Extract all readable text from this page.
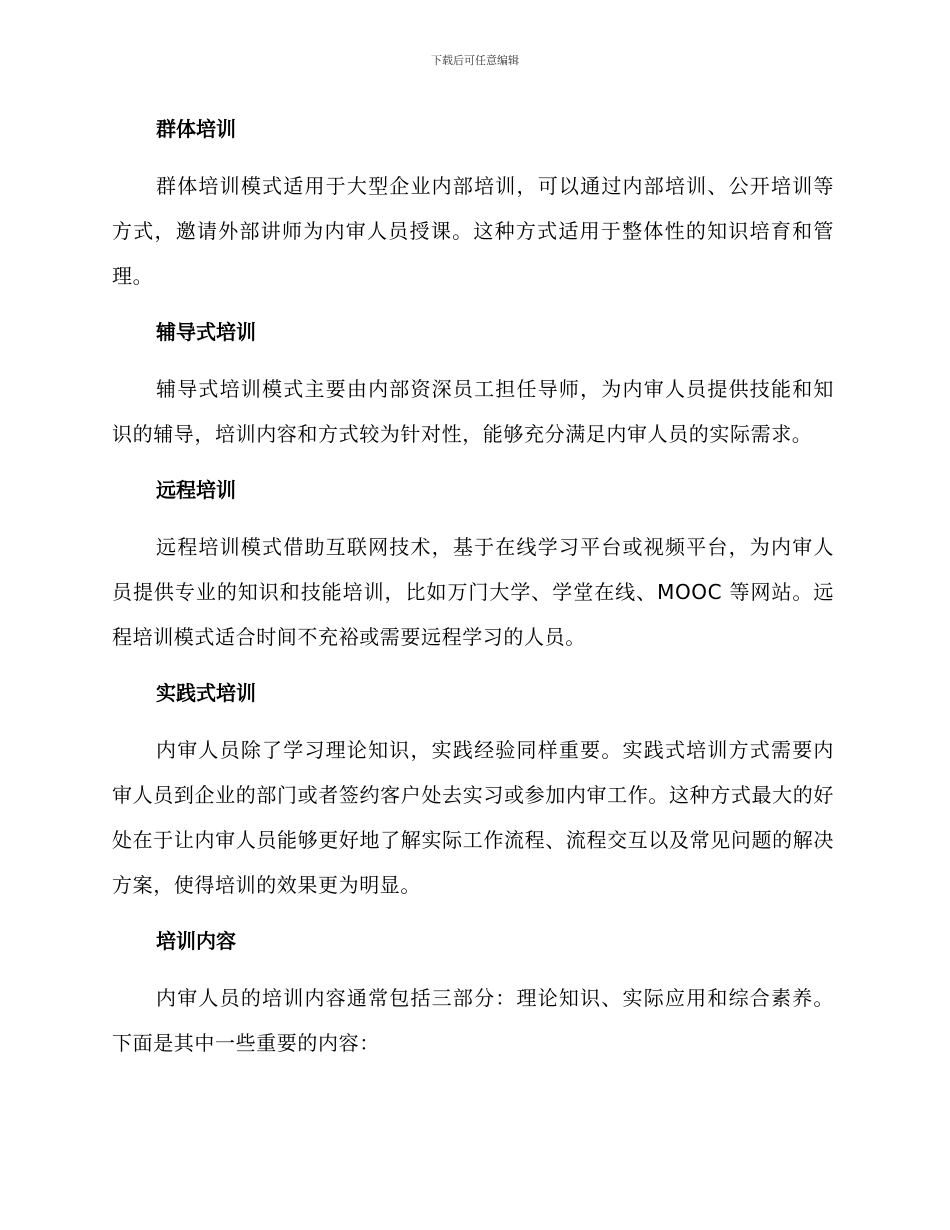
下载后可任意编辑
群体培训

群体培训模式适用于大型企业内部培训，可以通过内部培训、公开培训等方式，邀请外部讲师为内审人员授课。这种方式适用于整体性的知识培育和管理。

辅导式培训

辅导式培训模式主要由内部资深员工担任导师，为内审人员提供技能和知识的辅导，培训内容和方式较为针对性，能够充分满足内审人员的实际需求。

远程培训

远程培训模式借助互联网技术，基于在线学习平台或视频平台，为内审人员提供专业的知识和技能培训，比如万门大学、学堂在线、MOOC 等网站。远程培训模式适合时间不充裕或需要远程学习的人员。

实践式培训

内审人员除了学习理论知识，实践经验同样重要。实践式培训方式需要内审人员到企业的部门或者签约客户处去实习或参加内审工作。这种方式最大的好处在于让内审人员能够更好地了解实际工作流程、流程交互以及常见问题的解决方案，使得培训的效果更为明显。

培训内容

内审人员的培训内容通常包括三部分：理论知识、实际应用和综合素养。下面是其中一些重要的内容：
